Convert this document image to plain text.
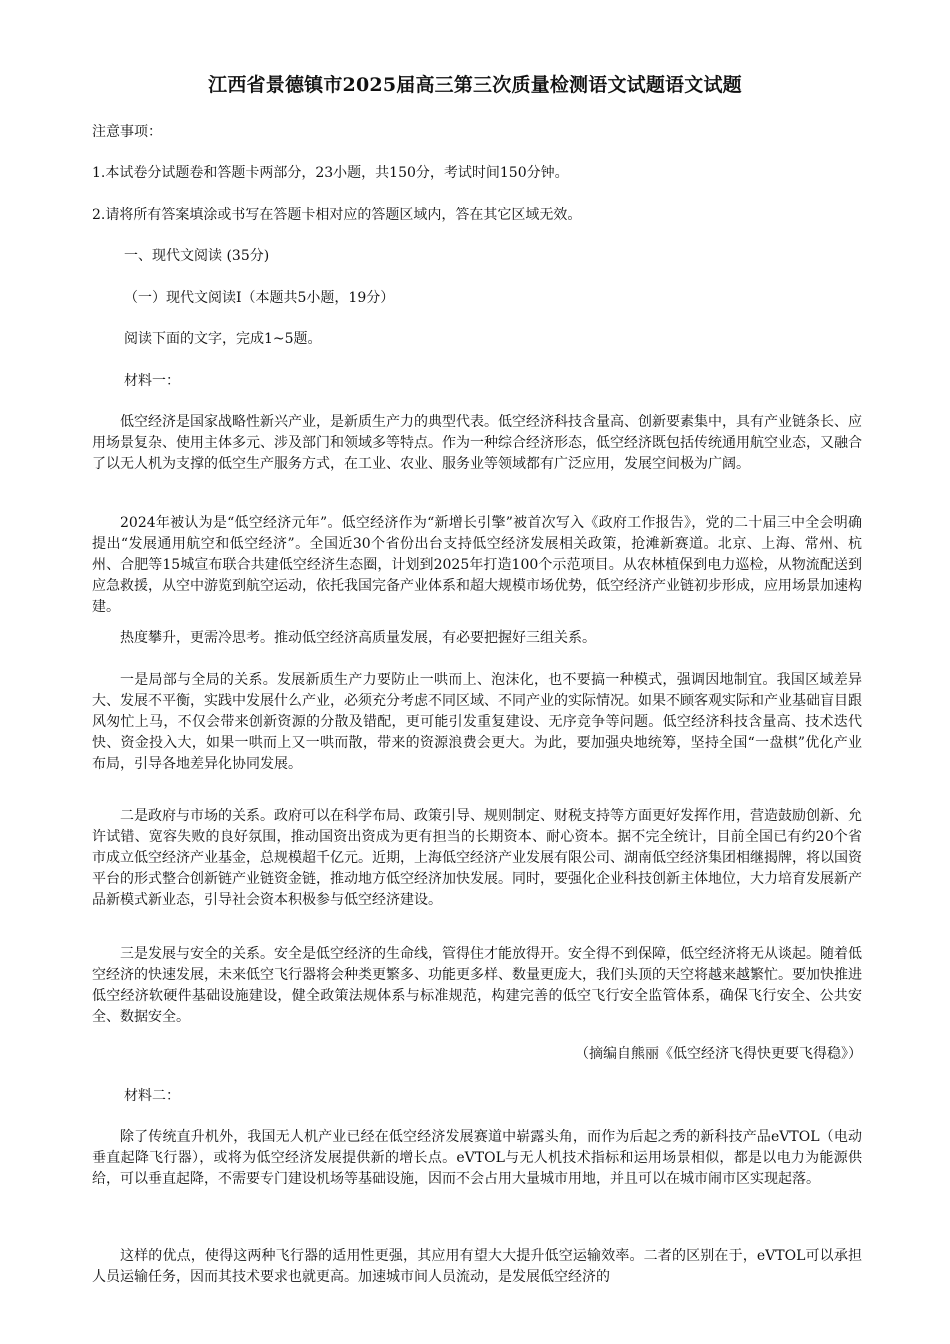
江西省景德镇市2025届高三第三次质量检测语文试题语文试题
注意事项：
1.本试卷分试题卷和答题卡两部分，23小题，共150分，考试时间150分钟。
2.请将所有答案填涂或书写在答题卡相对应的答题区域内，答在其它区域无效。
一、现代文阅读 (35分)
（一）现代文阅读Ⅰ（本题共5小题，19分）
阅读下面的文字，完成1~5题。
材料一：
低空经济是国家战略性新兴产业，是新质生产力的典型代表。低空经济科技含量高、创新要素集中，具有产业链条长、应用场景复杂、使用主体多元、涉及部门和领域多等特点。作为一种综合经济形态，低空经济既包括传统通用航空业态，又融合了以无人机为支撑的低空生产服务方式，在工业、农业、服务业等领域都有广泛应用，发展空间极为广阔。
2024年被认为是“低空经济元年”。低空经济作为“新增长引擎”被首次写入《政府工作报告》，党的二十届三中全会明确提出“发展通用航空和低空经济”。全国近30个省份出台支持低空经济发展相关政策，抢滩新赛道。北京、上海、常州、杭州、合肥等15城宣布联合共建低空经济生态圈，计划到2025年打造100个示范项目。从农林植保到电力巡检，从物流配送到应急救援，从空中游览到航空运动，依托我国完备产业体系和超大规模市场优势，低空经济产业链初步形成，应用场景加速构建。
热度攀升，更需冷思考。推动低空经济高质量发展，有必要把握好三组关系。
一是局部与全局的关系。发展新质生产力要防止一哄而上、泡沫化，也不要搞一种模式，强调因地制宜。我国区域差异大、发展不平衡，实践中发展什么产业，必须充分考虑不同区域、不同产业的实际情况。如果不顾客观实际和产业基础盲目跟风匆忙上马，不仅会带来创新资源的分散及错配，更可能引发重复建设、无序竞争等问题。低空经济科技含量高、技术迭代快、资金投入大，如果一哄而上又一哄而散，带来的资源浪费会更大。为此，要加强央地统筹，坚持全国“一盘棋”优化产业布局，引导各地差异化协同发展。
二是政府与市场的关系。政府可以在科学布局、政策引导、规则制定、财税支持等方面更好发挥作用，营造鼓励创新、允许试错、宽容失败的良好氛围，推动国资出资成为更有担当的长期资本、耐心资本。据不完全统计，目前全国已有约20个省市成立低空经济产业基金，总规模超千亿元。近期，上海低空经济产业发展有限公司、湖南低空经济集团相继揭牌，将以国资平台的形式整合创新链产业链资金链，推动地方低空经济加快发展。同时，要强化企业科技创新主体地位，大力培育发展新产品新模式新业态，引导社会资本积极参与低空经济建设。
三是发展与安全的关系。安全是低空经济的生命线，管得住才能放得开。安全得不到保障，低空经济将无从谈起。随着低空经济的快速发展，未来低空飞行器将会种类更繁多、功能更多样、数量更庞大，我们头顶的天空将越来越繁忙。要加快推进低空经济软硬件基础设施建设，健全政策法规体系与标准规范，构建完善的低空飞行安全监管体系，确保飞行安全、公共安全、数据安全。
（摘编自熊丽《低空经济飞得快更要飞得稳》）
材料二：
除了传统直升机外，我国无人机产业已经在低空经济发展赛道中崭露头角，而作为后起之秀的新科技产品eVTOL（电动垂直起降飞行器），或将为低空经济发展提供新的增长点。eVTOL与无人机技术指标和运用场景相似，都是以电力为能源供给，可以垂直起降，不需要专门建设机场等基础设施，因而不会占用大量城市用地，并且可以在城市闹市区实现起落。
这样的优点，使得这两种飞行器的适用性更强，其应用有望大大提升低空运输效率。二者的区别在于，eVTOL可以承担人员运输任务，因而其技术要求也就更高。加速城市间人员流动，是发展低空经济的
